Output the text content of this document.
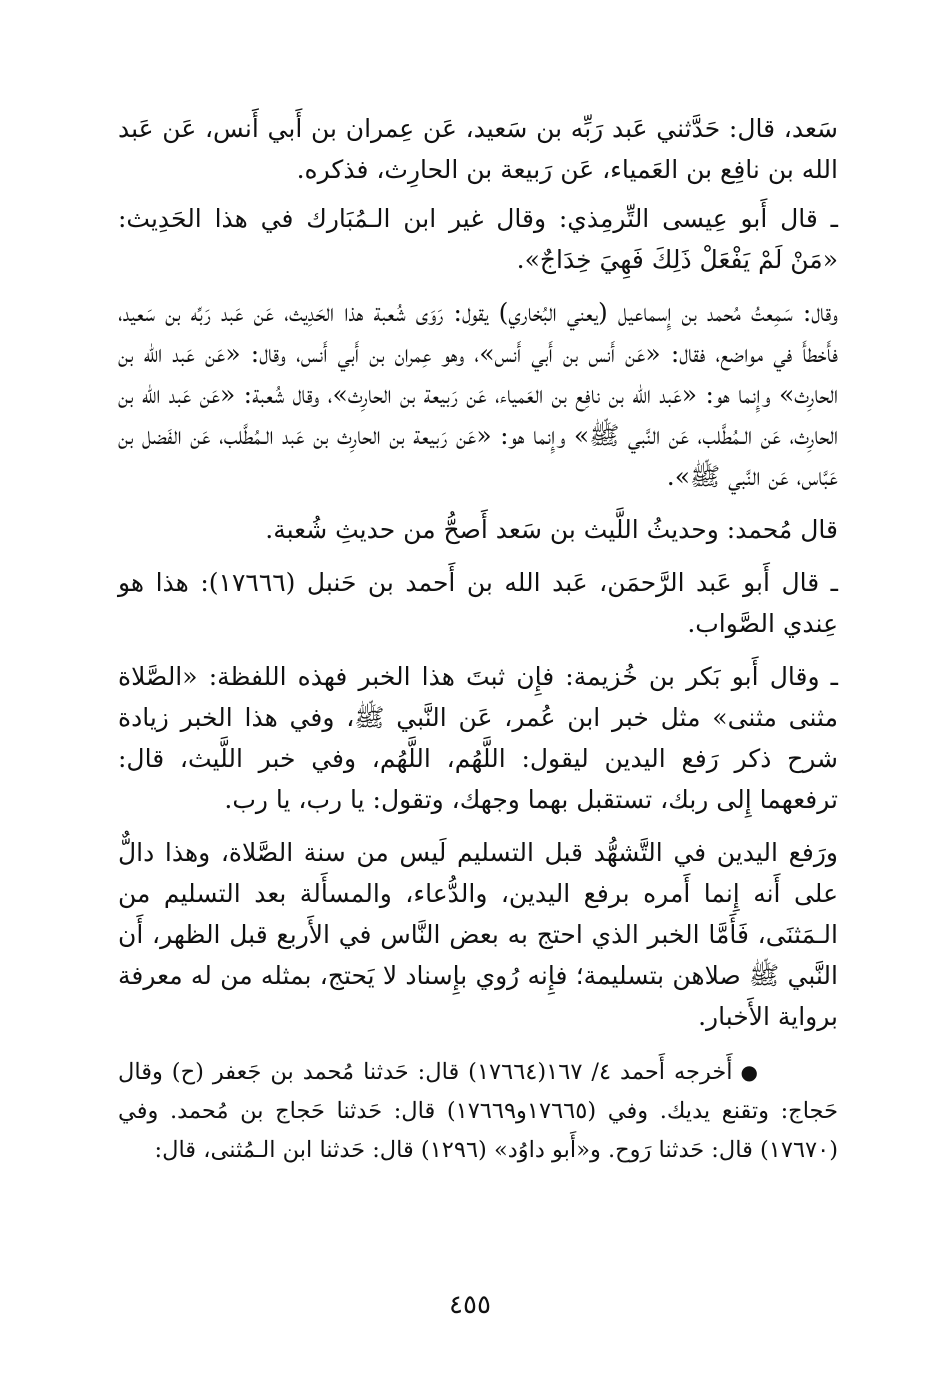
سَعد، قال: حَدَّثني عَبد رَبِّه بن سَعيد، عَن عِمران بن أَبي أَنس، عَن عَبد الله بن نافِع بن العَمياء، عَن رَبيعة بن الحارِث، فذكره.

ـ قال أَبو عِيسى التِّرمِذي: وقال غير ابن الـمُبَارك في هذا الحَدِيث: «مَنْ لَمْ يَفْعَلْ ذَلِكَ فَهِيَ خِدَاجٌ».

وقال: سَمِعتُ مُحمد بن إِسماعيل (يعني البُخاري) يقول: رَوَى شُعبة هذا الحَدِيث، عَن عَبد رَبِّه بن سَعيد، فأَخطأَ في مواضع، فقال: «عَن أَنس بن أَبي أَنس»، وهو عِمران بن أَبي أَنس، وقال: «عَن عَبد الله بن الحارِث» وإِنما هو: «عَبد الله بن نافِع بن العَمياء، عَن رَبيعة بن الحارِث»، وقال شُعبة: «عَن عَبد الله بن الحارِث، عَن الـمُطَّلب، عَن النَّبي ﷺ» وإِنما هو: «عَن رَبيعة بن الحارِث بن عَبد الـمُطَّلب، عَن الفَضل بن عَبَّاس، عَن النَّبي ﷺ».

قال مُحمد: وحديثُ اللَّيث بن سَعد أَصحُّ من حديثِ شُعبة.

ـ قال أَبو عَبد الرَّحمَن، عَبد الله بن أَحمد بن حَنبل (١٧٦٦٦): هذا هو عِندي الصَّواب.

ـ وقال أَبو بَكر بن خُزيمة: فإِن ثبتَ هذا الخبر فهذه اللفظة: «الصَّلاة مثنى مثنى» مثل خبر ابن عُمر، عَن النَّبي ﷺ، وفي هذا الخبر زيادة شرح ذكر رَفع اليدين ليقول: اللَّهُم، اللَّهُم، وفي خبر اللَّيث، قال: ترفعهما إِلى ربك، تستقبل بهما وجهك، وتقول: يا رب، يا رب.

ورَفع اليدين في التَّشهُّد قبل التسليم لَيس من سنة الصَّلاة، وهذا دالٌّ على أَنه إِنما أَمره برفع اليدين، والدُّعاء، والمسأَلة بعد التسليم من الـمَثنَى، فَأَمَّا الخبر الذي احتج به بعض النَّاس في الأَربع قبل الظهر، أَن النَّبي ﷺ صلاهن بتسليمة؛ فإِنه رُوي بإِسناد لا يَحتج، بمثله من له معرفة برواية الأَخبار.

●أَخرجه أَحمد ٤/ ١٦٧(١٧٦٦٤) قال: حَدثنا مُحمد بن جَعفر (ح) وقال حَجاج: وتقنع يديك. وفي (١٧٦٦٥و١٧٦٦٩) قال: حَدثنا حَجاج بن مُحمد. وفي (١٧٦٧٠) قال: حَدثنا رَوح. و«أَبو داوُد» (١٢٩٦) قال: حَدثنا ابن الـمُثنى، قال:

٤٥٥
